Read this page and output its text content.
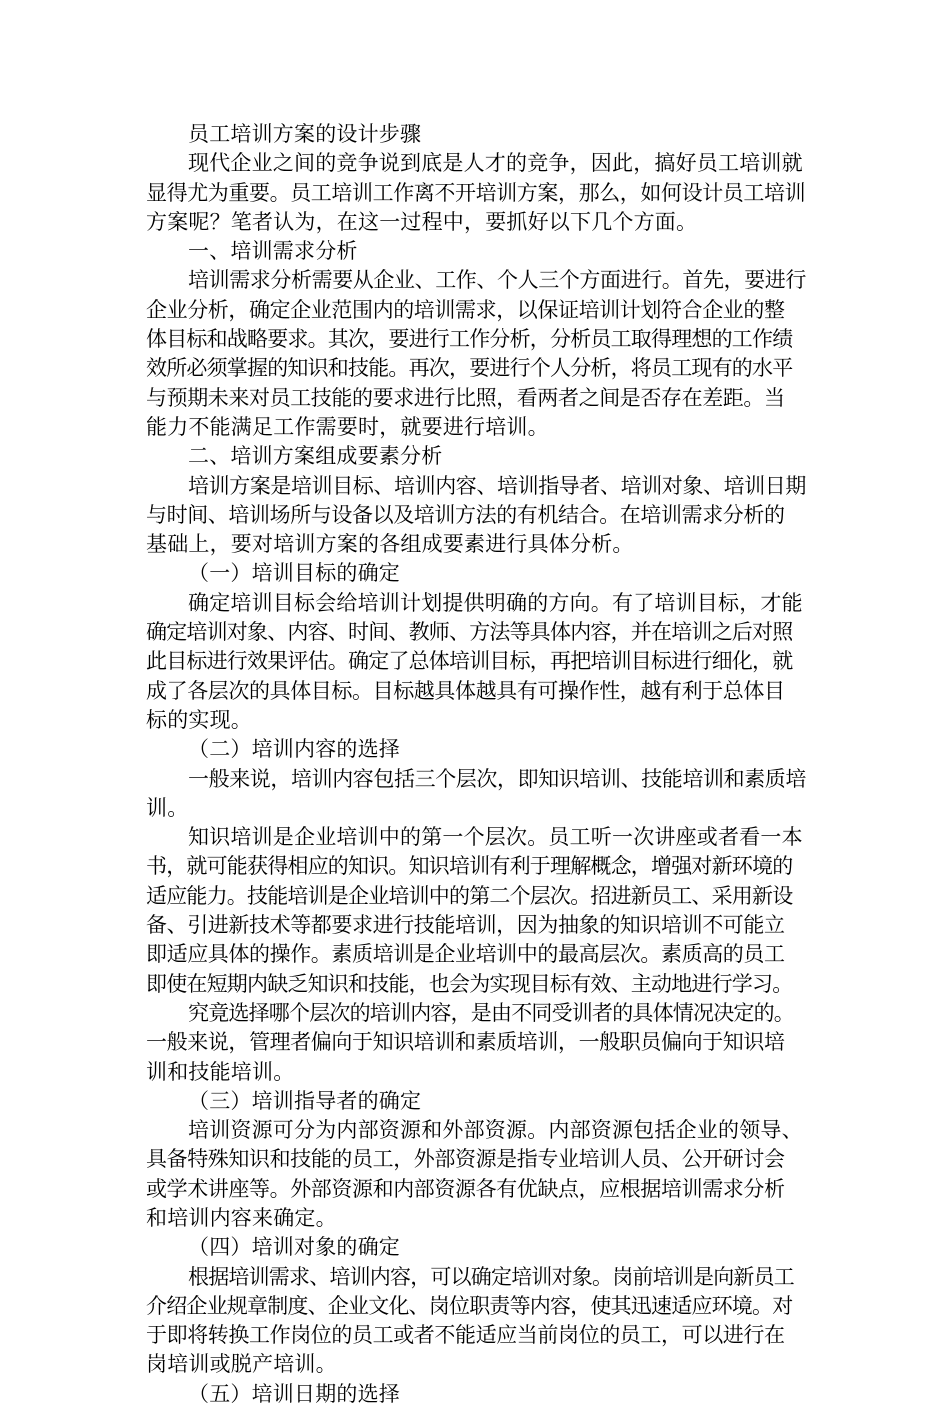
员工培训方案的设计步骤

现代企业之间的竞争说到底是人才的竞争，因此，搞好员工培训就

显得尤为重要。员工培训工作离不开培训方案，那么，如何设计员工培训

方案呢？笔者认为，在这一过程中，要抓好以下几个方面。

一、培训需求分析

培训需求分析需要从企业、工作、个人三个方面进行。首先，要进行

企业分析，确定企业范围内的培训需求，以保证培训计划符合企业的整

体目标和战略要求。其次，要进行工作分析，分析员工取得理想的工作绩

效所必须掌握的知识和技能。再次，要进行个人分析，将员工现有的水平

与预期未来对员工技能的要求进行比照，看两者之间是否存在差距。当

能力不能满足工作需要时，就要进行培训。

二、培训方案组成要素分析

培训方案是培训目标、培训内容、培训指导者、培训对象、培训日期

与时间、培训场所与设备以及培训方法的有机结合。在培训需求分析的

基础上，要对培训方案的各组成要素进行具体分析。

（一）培训目标的确定

确定培训目标会给培训计划提供明确的方向。有了培训目标，才能

确定培训对象、内容、时间、教师、方法等具体内容，并在培训之后对照

此目标进行效果评估。确定了总体培训目标，再把培训目标进行细化，就

成了各层次的具体目标。目标越具体越具有可操作性，越有利于总体目

标的实现。

（二）培训内容的选择

一般来说，培训内容包括三个层次，即知识培训、技能培训和素质培

训。

知识培训是企业培训中的第一个层次。员工听一次讲座或者看一本

书，就可能获得相应的知识。知识培训有利于理解概念，增强对新环境的

适应能力。技能培训是企业培训中的第二个层次。招进新员工、采用新设

备、引进新技术等都要求进行技能培训，因为抽象的知识培训不可能立

即适应具体的操作。素质培训是企业培训中的最高层次。素质高的员工

即使在短期内缺乏知识和技能，也会为实现目标有效、主动地进行学习。

究竟选择哪个层次的培训内容，是由不同受训者的具体情况决定的。

一般来说，管理者偏向于知识培训和素质培训，一般职员偏向于知识培

训和技能培训。

（三）培训指导者的确定

培训资源可分为内部资源和外部资源。内部资源包括企业的领导、

具备特殊知识和技能的员工，外部资源是指专业培训人员、公开研讨会

或学术讲座等。外部资源和内部资源各有优缺点，应根据培训需求分析

和培训内容来确定。

（四）培训对象的确定

根据培训需求、培训内容，可以确定培训对象。岗前培训是向新员工

介绍企业规章制度、企业文化、岗位职责等内容，使其迅速适应环境。对

于即将转换工作岗位的员工或者不能适应当前岗位的员工，可以进行在

岗培训或脱产培训。

（五）培训日期的选择
